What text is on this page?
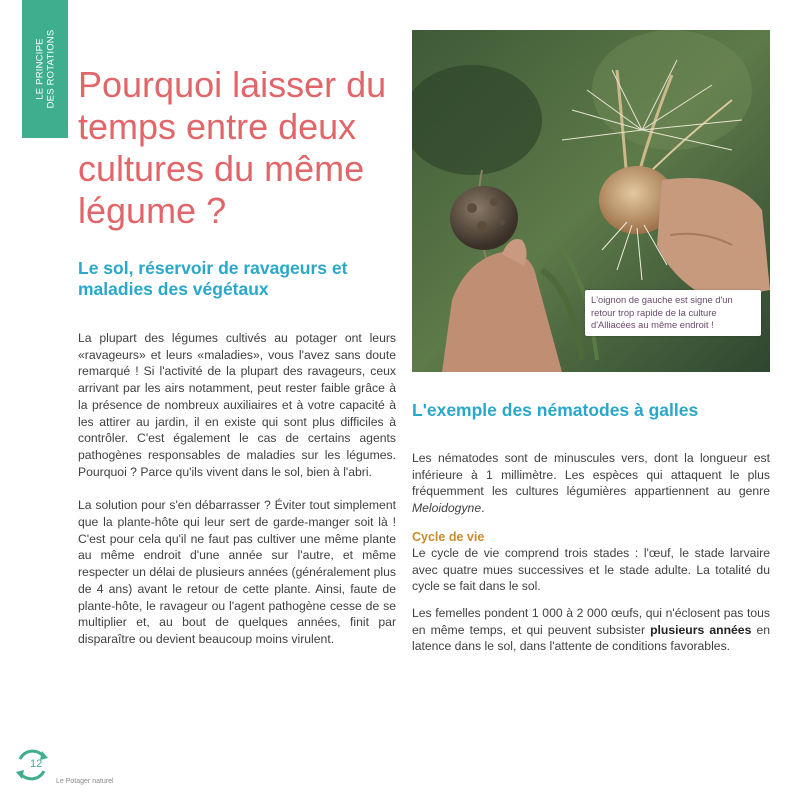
LE PRINCIPE DES ROTATIONS Pourquoi laisser du temps entre deux cultures du même légume ?
Le sol, réservoir de ravageurs et maladies des végétaux

La plupart des légumes cultivés au potager ont leurs «ravageurs» et leurs «maladies», vous l'avez sans doute remarqué ! Si l'activité de la plupart des ravageurs, ceux arrivant par les airs notamment, peut rester faible grâce à la présence de nombreux auxiliaires et à votre capacité à les attirer au jardin, il en existe qui sont plus difficiles à contrôler. C'est également le cas de certains agents pathogènes responsables de maladies sur les légumes. Pourquoi ? Parce qu'ils vivent dans le sol, bien à l'abri.

La solution pour s'en débarrasser ? Éviter tout simplement que la plante-hôte qui leur sert de garde-manger soit là ! C'est pour cela qu'il ne faut pas cultiver une même plante au même endroit d'une année sur l'autre, et même respecter un délai de plusieurs années (généralement plus de 4 ans) avant le retour de cette plante. Ainsi, faute de plante-hôte, le ravageur ou l'agent pathogène cesse de se multiplier et, au bout de quelques années, finit par disparaître ou devient beaucoup moins virulent.

L'oignon de gauche est signe d'un retour trop rapide de la culture d'Alliacées au même endroit !
L'exemple des nématodes à galles

Les nématodes sont de minuscules vers, dont la longueur est inférieure à 1 millimètre. Les espèces qui attaquent le plus fréquemment les cultures légumières appartiennent au genre Meloidogyne.

Cycle de vie

Le cycle de vie comprend trois stades : l'œuf, le stade larvaire avec quatre mues successives et le stade adulte. La totalité du cycle se fait dans le sol.

Les femelles pondent 1 000 à 2 000 œufs, qui n'éclosent pas tous en même temps, et qui peuvent subsister plusieurs années en latence dans le sol, dans l'attente de conditions favorables.

12
Le Potager naturel
